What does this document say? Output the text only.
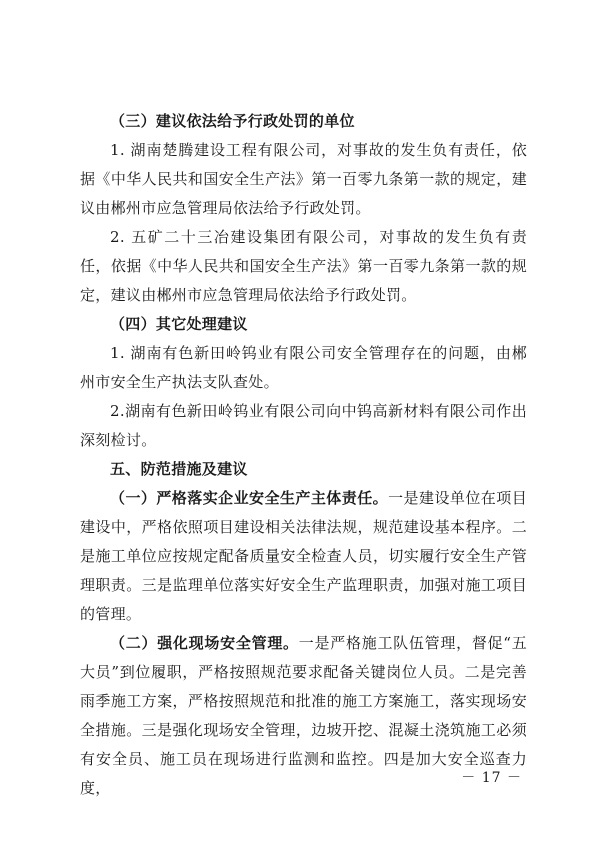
（三）建议依法给予行政处罚的单位

1. 湖南楚腾建设工程有限公司，对事故的发生负有责任，依据《中华人民共和国安全生产法》第一百零九条第一款的规定，建议由郴州市应急管理局依法给予行政处罚。

2. 五矿二十三冶建设集团有限公司，对事故的发生负有责任，依据《中华人民共和国安全生产法》第一百零九条第一款的规定，建议由郴州市应急管理局依法给予行政处罚。

（四）其它处理建议

1. 湖南有色新田岭钨业有限公司安全管理存在的问题，由郴州市安全生产执法支队查处。

2.湖南有色新田岭钨业有限公司向中钨高新材料有限公司作出深刻检讨。

五、防范措施及建议

（一）严格落实企业安全生产主体责任。一是建设单位在项目建设中，严格依照项目建设相关法律法规，规范建设基本程序。二是施工单位应按规定配备质量安全检查人员，切实履行安全生产管理职责。三是监理单位落实好安全生产监理职责，加强对施工项目的管理。

（二）强化现场安全管理。一是严格施工队伍管理，督促“五大员”到位履职，严格按照规范要求配备关键岗位人员。二是完善雨季施工方案，严格按照规范和批准的施工方案施工，落实现场安全措施。三是强化现场安全管理，边坡开挖、混凝土浇筑施工必须有安全员、施工员在现场进行监测和监控。四是加大安全巡查力度，

－ 17 －
